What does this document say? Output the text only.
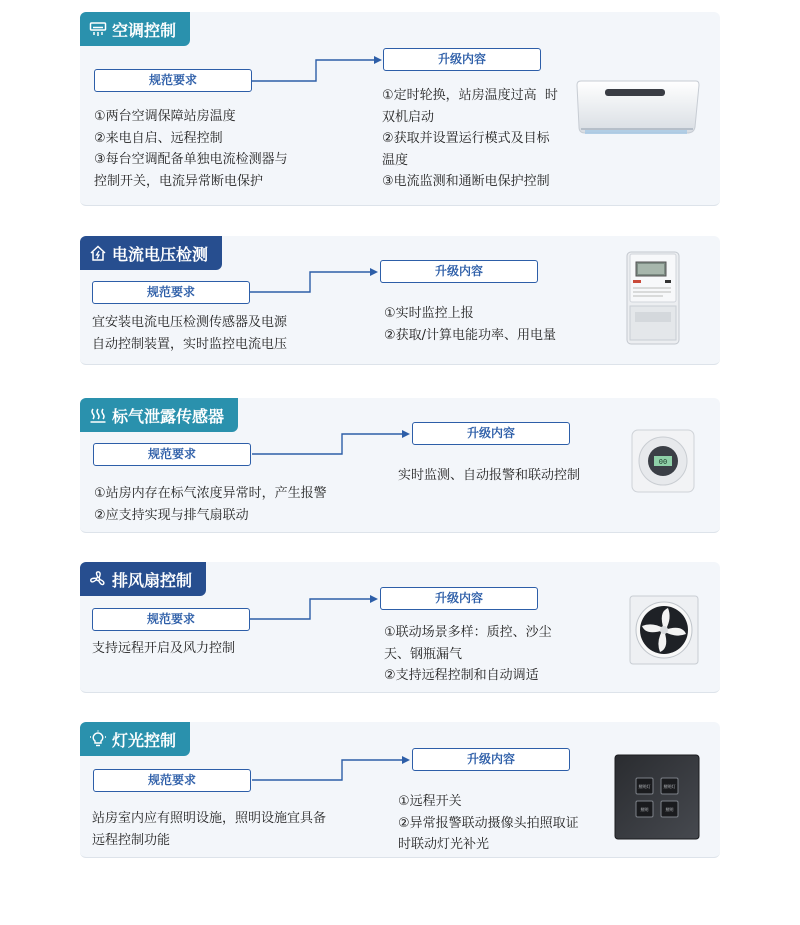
空调控制
规范要求
升级内容
①两台空调保障站房温度
②来电自启、远程控制
③每台空调配备单独电流检测器与
控制开关，电流异常断电保护
①定时轮换，站房温度过高  时
双机启动
②获取并设置运行模式及目标
温度
③电流监测和通断电保护控制
电流电压检测
规范要求
升级内容
宜安装电流电压检测传感器及电源
自动控制装置，实时监控电流电压
①实时监控上报
②获取/计算电能功率、用电量
标气泄露传感器
规范要求
升级内容
①站房内存在标气浓度异常时，产生报警
②应支持实现与排气扇联动
实时监测、自动报警和联动控制
00
排风扇控制
规范要求
升级内容
支持远程开启及风力控制
①联动场景多样：质控、沙尘
天、钢瓶漏气
②支持远程控制和自动调适
灯光控制
规范要求
升级内容
站房室内应有照明设施，照明设施宜具备
远程控制功能
①远程开关
②异常报警联动摄像头拍照取证
时联动灯光补光
照明灯	照明灯
照明	照明
